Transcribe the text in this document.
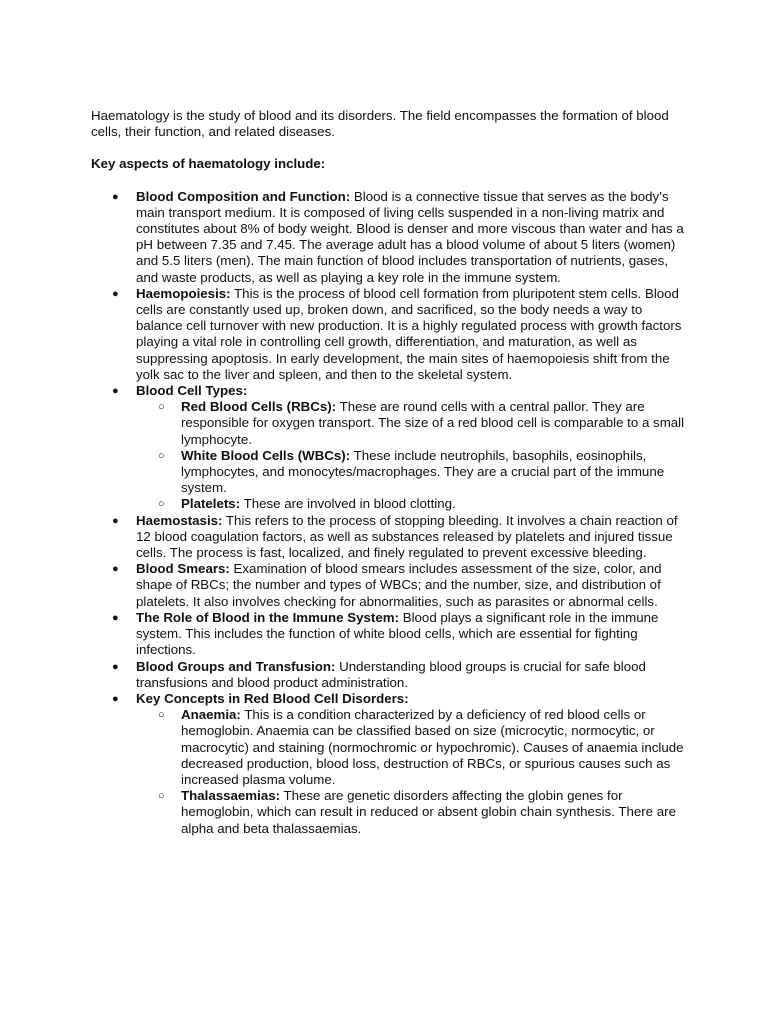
Haematology is the study of blood and its disorders. The field encompasses the formation of blood cells, their function, and related diseases.

Key aspects of haematology include:

● Blood Composition and Function: Blood is a connective tissue that serves as the body’s main transport medium. It is composed of living cells suspended in a non-living matrix and constitutes about 8% of body weight. Blood is denser and more viscous than water and has a pH between 7.35 and 7.45. The average adult has a blood volume of about 5 liters (women) and 5.5 liters (men). The main function of blood includes transportation of nutrients, gases, and waste products, as well as playing a key role in the immune system.
● Haemopoiesis: This is the process of blood cell formation from pluripotent stem cells. Blood cells are constantly used up, broken down, and sacrificed, so the body needs a way to balance cell turnover with new production. It is a highly regulated process with growth factors playing a vital role in controlling cell growth, differentiation, and maturation, as well as suppressing apoptosis. In early development, the main sites of haemopoiesis shift from the yolk sac to the liver and spleen, and then to the skeletal system.
● Blood Cell Types:
○ Red Blood Cells (RBCs): These are round cells with a central pallor. They are responsible for oxygen transport. The size of a red blood cell is comparable to a small lymphocyte.
○ White Blood Cells (WBCs): These include neutrophils, basophils, eosinophils, lymphocytes, and monocytes/macrophages. They are a crucial part of the immune system.
○ Platelets: These are involved in blood clotting.
● Haemostasis: This refers to the process of stopping bleeding. It involves a chain reaction of 12 blood coagulation factors, as well as substances released by platelets and injured tissue cells. The process is fast, localized, and finely regulated to prevent excessive bleeding.
● Blood Smears: Examination of blood smears includes assessment of the size, color, and shape of RBCs; the number and types of WBCs; and the number, size, and distribution of platelets. It also involves checking for abnormalities, such as parasites or abnormal cells.
● The Role of Blood in the Immune System: Blood plays a significant role in the immune system. This includes the function of white blood cells, which are essential for fighting infections.
● Blood Groups and Transfusion: Understanding blood groups is crucial for safe blood transfusions and blood product administration.
● Key Concepts in Red Blood Cell Disorders:
○ Anaemia: This is a condition characterized by a deficiency of red blood cells or hemoglobin. Anaemia can be classified based on size (microcytic, normocytic, or macrocytic) and staining (normochromic or hypochromic). Causes of anaemia include decreased production, blood loss, destruction of RBCs, or spurious causes such as increased plasma volume.
○ Thalassaemias: These are genetic disorders affecting the globin genes for hemoglobin, which can result in reduced or absent globin chain synthesis. There are alpha and beta thalassaemias.
